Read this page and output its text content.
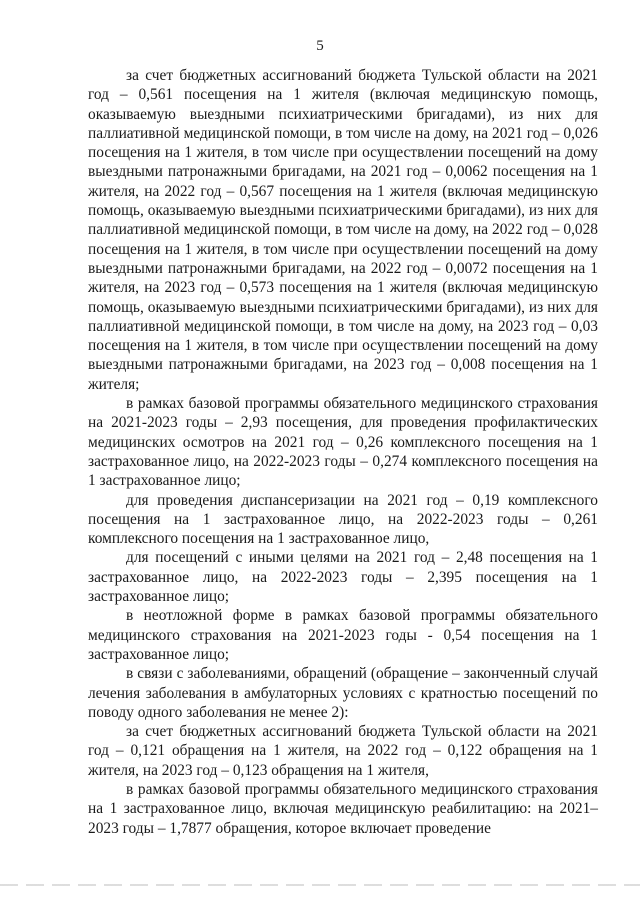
5

за счет бюджетных ассигнований бюджета Тульской области на 2021 год – 0,561 посещения на 1 жителя (включая медицинскую помощь, оказываемую выездными психиатрическими бригадами), из них для паллиативной медицинской помощи, в том числе на дому, на 2021 год – 0,026 посещения на 1 жителя, в том числе при осуществлении посещений на дому выездными патронажными бригадами, на 2021 год – 0,0062 посещения на 1 жителя, на 2022 год – 0,567 посещения на 1 жителя (включая медицинскую помощь, оказываемую выездными психиатрическими бригадами), из них для паллиативной медицинской помощи, в том числе на дому, на 2022 год – 0,028 посещения на 1 жителя, в том числе при осуществлении посещений на дому выездными патронажными бригадами, на 2022 год – 0,0072 посещения на 1 жителя, на 2023 год – 0,573 посещения на 1 жителя (включая медицинскую помощь, оказываемую выездными психиатрическими бригадами), из них для паллиативной медицинской помощи, в том числе на дому, на 2023 год – 0,03 посещения на 1 жителя, в том числе при осуществлении посещений на дому выездными патронажными бригадами, на 2023 год – 0,008 посещения на 1 жителя;

в рамках базовой программы обязательного медицинского страхования на 2021-2023 годы – 2,93 посещения, для проведения профилактических медицинских осмотров на 2021 год – 0,26 комплексного посещения на 1 застрахованное лицо, на 2022-2023 годы – 0,274 комплексного посещения на 1 застрахованное лицо;

для проведения диспансеризации на 2021 год – 0,19 комплексного посещения на 1 застрахованное лицо, на 2022-2023 годы – 0,261 комплексного посещения на 1 застрахованное лицо,

для посещений с иными целями на 2021 год – 2,48 посещения на 1 застрахованное лицо, на 2022-2023 годы – 2,395 посещения на 1 застрахованное лицо;

в неотложной форме в рамках базовой программы обязательного медицинского страхования на 2021-2023 годы - 0,54 посещения на 1 застрахованное лицо;

в связи с заболеваниями, обращений (обращение – законченный случай лечения заболевания в амбулаторных условиях с кратностью посещений по поводу одного заболевания не менее 2):

за счет бюджетных ассигнований бюджета Тульской области на 2021 год – 0,121 обращения на 1 жителя, на 2022 год – 0,122 обращения на 1 жителя, на 2023 год – 0,123 обращения на 1 жителя,

в рамках базовой программы обязательного медицинского страхования на 1 застрахованное лицо, включая медицинскую реабилитацию: на 2021–2023 годы – 1,7877 обращения, которое включает проведение
